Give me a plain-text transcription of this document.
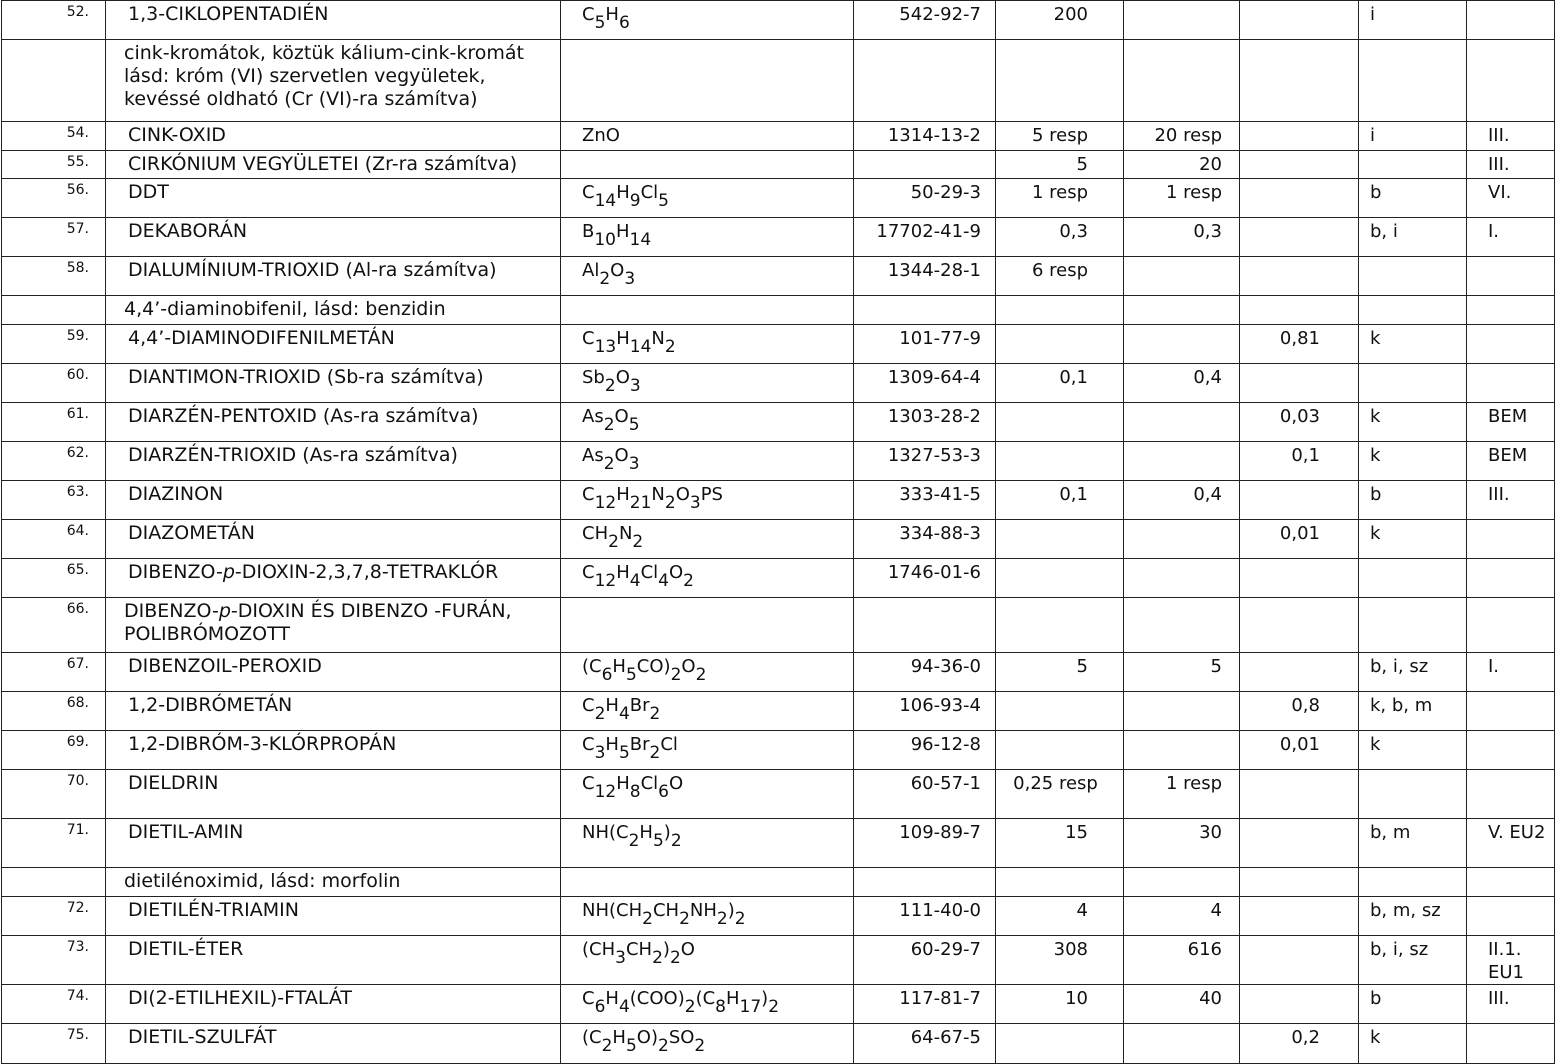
52.	1,3-CIKLOPENTADIÉN	$C_5H_6$	542-92-7	200			i	
	cink-kromátok, köztük kálium-cink-kromát lásd: króm (VI) szervetlen vegyületek, kevéssé oldható (Cr (VI)-ra számítva)							
54.	CINK-OXID	ZnO	1314-13-2	5 resp	20 resp		i	III.
55.	CIRKÓNIUM VEGYÜLETEI (Zr-ra számítva)			5	20			III.
56.	DDT	$C_{14}H_9Cl_5$	50-29-3	1 resp	1 resp		b	VI.
57.	DEKABORÁN	$B_{10}H_{14}$	17702-41-9	0,3	0,3		b, i	I.
58.	DIALUMÍNIUM-TRIOXID (Al-ra számítva)	$Al_2O_3$	1344-28-1	6 resp				
	4,4’-diaminobifenil, lásd: benzidin							
59.	4,4’-DIAMINODIFENILMETÁN	$C_{13}H_{14}N_2$	101-77-9			0,81	k	
60.	DIANTIMON-TRIOXID (Sb-ra számítva)	$Sb_2O_3$	1309-64-4	0,1	0,4			
61.	DIARZÉN-PENTOXID (As-ra számítva)	$As_2O_5$	1303-28-2			0,03	k	BEM
62.	DIARZÉN-TRIOXID (As-ra számítva)	$As_2O_3$	1327-53-3			0,1	k	BEM
63.	DIAZINON	$C_{12}H_{21}N_2O_3PS$	333-41-5	0,1	0,4		b	III.
64.	DIAZOMETÁN	$CH_2N_2$	334-88-3			0,01	k	
65.	DIBENZO-p-DIOXIN-2,3,7,8-TETRAKLÓR	$C_{12}H_4Cl_4O_2$	1746-01-6					
66.	DIBENZO-p-DIOXIN ÉS DIBENZO -FURÁN, POLIBRÓMOZOTT							
67.	DIBENZOIL-PEROXID	$(C_6H_5CO)_2O_2$	94-36-0	5	5		b, i, sz	I.
68.	1,2-DIBRÓMETÁN	$C_2H_4Br_2$	106-93-4			0,8	k, b, m	
69.	1,2-DIBRÓM-3-KLÓRPROPÁN	$C_3H_5Br_2Cl$	96-12-8			0,01	k	
70.	DIELDRIN	$C_{12}H_8Cl_6O$	60-57-1	0,25 resp	1 resp			
71.	DIETIL-AMIN	$NH(C_2H_5)_2$	109-89-7	15	30		b, m	V. EU2
	dietilénoximid, lásd: morfolin							
72.	DIETILÉN-TRIAMIN	$NH(CH_2CH_2NH_2)_2$	111-40-0	4	4		b, m, sz	
73.	DIETIL-ÉTER	$(CH_3CH_2)_2O$	60-29-7	308	616		b, i, sz	II.1. EU1
74.	DI(2-ETILHEXIL)-FTALÁT	$C_6H_4(COO)_2(C_8H_{17})_2$	117-81-7	10	40		b	III.
75.	DIETIL-SZULFÁT	$(C_2H_5O)_2SO_2$	64-67-5			0,2	k	
